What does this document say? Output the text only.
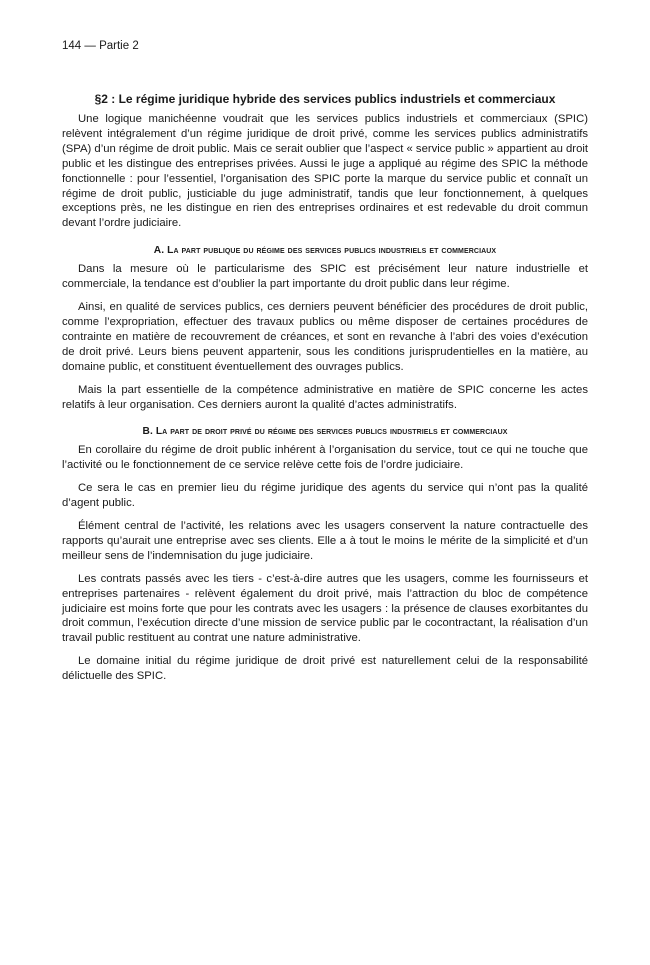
144 — Partie 2
§2 : Le régime juridique hybride des services publics industriels et commerciaux

Une logique manichéenne voudrait que les services publics industriels et commerciaux (SPIC) relèvent intégralement d’un régime juridique de droit privé, comme les services publics administratifs (SPA) d’un régime de droit public. Mais ce serait oublier que l’aspect « service public » appartient au droit public et les distingue des entreprises privées. Aussi le juge a appliqué au régime des SPIC la méthode fonctionnelle : pour l’essentiel, l’organisation des SPIC porte la marque du service public et connaît un régime de droit public, justiciable du juge administratif, tandis que leur fonctionnement, à quelques exceptions près, ne les distingue en rien des entreprises ordinaires et est redevable du droit commun devant l’ordre judiciaire.

A. La part publique du régime des services publics industriels et commerciaux

Dans la mesure où le particularisme des SPIC est précisément leur nature industrielle et commerciale, la tendance est d’oublier la part importante du droit public dans leur régime.

Ainsi, en qualité de services publics, ces derniers peuvent bénéficier des procédures de droit public, comme l’expropriation, effectuer des travaux publics ou même disposer de certaines procédures de contrainte en matière de recouvrement de créances, et sont en revanche à l’abri des voies d’exécution de droit privé. Leurs biens peuvent appartenir, sous les conditions jurisprudentielles en la matière, au domaine public, et constituent éventuellement des ouvrages publics.

Mais la part essentielle de la compétence administrative en matière de SPIC concerne les actes relatifs à leur organisation. Ces derniers auront la qualité d’actes administratifs.

B. La part de droit privé du régime des services publics industriels et commerciaux

En corollaire du régime de droit public inhérent à l’organisation du service, tout ce qui ne touche que l’activité ou le fonctionnement de ce service relève cette fois de l’ordre judiciaire.

Ce sera le cas en premier lieu du régime juridique des agents du service qui n’ont pas la qualité d’agent public.

Élément central de l’activité, les relations avec les usagers conservent la nature contractuelle des rapports qu’aurait une entreprise avec ses clients. Elle a à tout le moins le mérite de la simplicité et d’un meilleur sens de l’indemnisation du juge judiciaire.

Les contrats passés avec les tiers - c’est-à-dire autres que les usagers, comme les fournisseurs et entreprises partenaires - relèvent également du droit privé, mais l’attraction du bloc de compétence judiciaire est moins forte que pour les contrats avec les usagers : la présence de clauses exorbitantes du droit commun, l’exécution directe d’une mission de service public par le cocontractant, la réalisation d’un travail public restituent au contrat une nature administrative.

Le domaine initial du régime juridique de droit privé est naturellement celui de la responsabilité délictuelle des SPIC.
